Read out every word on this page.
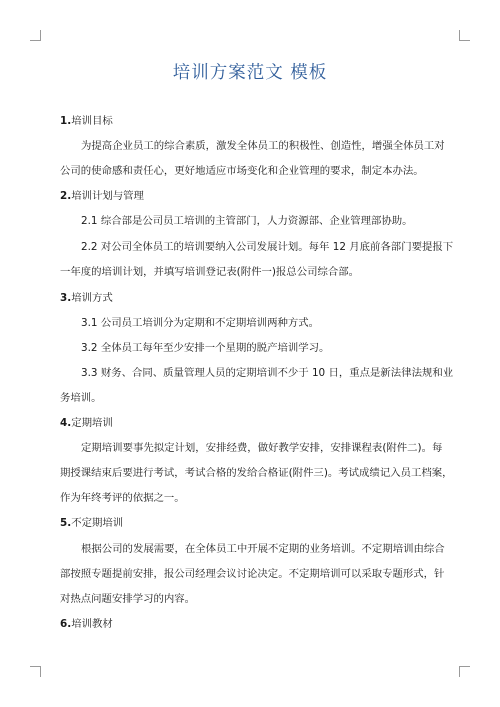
培训方案范文 模板
1.培训目标
为提高企业员工的综合素质，激发全体员工的积极性、创造性，增强全体员工对
公司的使命感和责任心，更好地适应市场变化和企业管理的要求，制定本办法。
2.培训计划与管理
2.1 综合部是公司员工培训的主管部门，人力资源部、企业管理部协助。
2.2 对公司全体员工的培训要纳入公司发展计划。每年 12 月底前各部门要提报下
一年度的培训计划，并填写培训登记表(附件一)报总公司综合部。
3.培训方式
3.1 公司员工培训分为定期和不定期培训两种方式。
3.2 全体员工每年至少安排一个星期的脱产培训学习。
3.3 财务、合同、质量管理人员的定期培训不少于 10 日，重点是新法律法规和业
务培训。
4.定期培训
定期培训要事先拟定计划，安排经费，做好教学安排，安排课程表(附件二)。每
期授课结束后要进行考试，考试合格的发给合格证(附件三)。考试成绩记入员工档案，
作为年终考评的依据之一。
5.不定期培训
根据公司的发展需要，在全体员工中开展不定期的业务培训。不定期培训由综合
部按照专题提前安排，报公司经理会议讨论决定。不定期培训可以采取专题形式，针
对热点问题安排学习的内容。
6.培训教材
